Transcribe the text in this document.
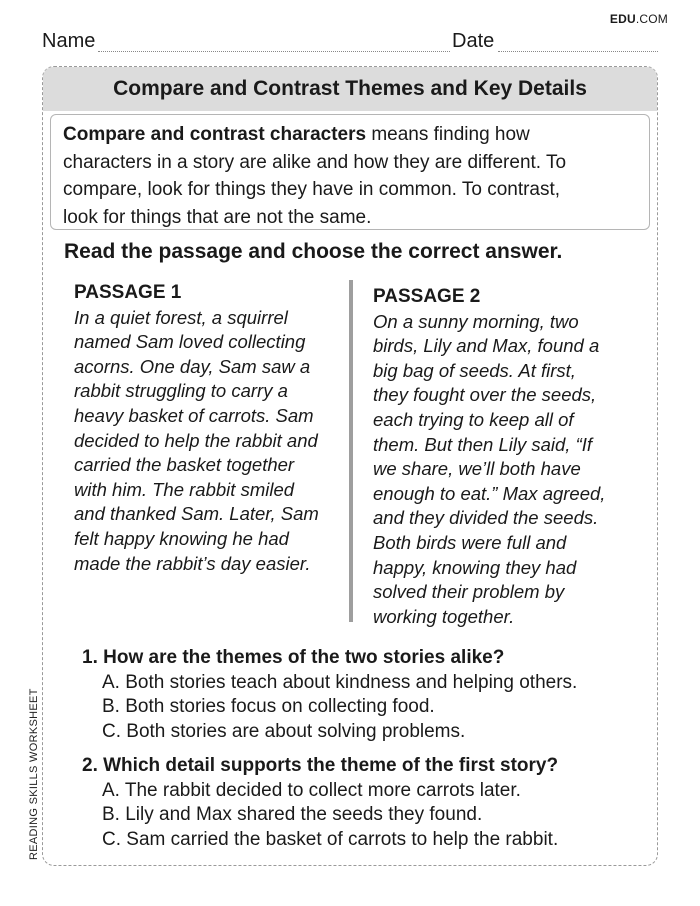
EDU.COM
Name	Date
READING SKILLS WORKSHEET
Compare and Contrast Themes and Key Details
Compare and contrast characters means finding how
characters in a story are alike and how they are different. To
compare, look for things they have in common. To contrast,
look for things that are not the same.
Read the passage and choose the correct answer.
PASSAGE 1
In a quiet forest, a squirrel
named Sam loved collecting
acorns. One day, Sam saw a
rabbit struggling to carry a
heavy basket of carrots. Sam
decided to help the rabbit and
carried the basket together
with him. The rabbit smiled
and thanked Sam. Later, Sam
felt happy knowing he had
made the rabbit’s day easier.
PASSAGE 2
On a sunny morning, two
birds, Lily and Max, found a
big bag of seeds. At first,
they fought over the seeds,
each trying to keep all of
them. But then Lily said, “If
we share, we’ll both have
enough to eat.” Max agreed,
and they divided the seeds.
Both birds were full and
happy, knowing they had
solved their problem by
working together.
1. How are the themes of the two stories alike?
A. Both stories teach about kindness and helping others.
B. Both stories focus on collecting food.
C. Both stories are about solving problems.
2. Which detail supports the theme of the first story?
A. The rabbit decided to collect more carrots later.
B. Lily and Max shared the seeds they found.
C. Sam carried the basket of carrots to help the rabbit.
